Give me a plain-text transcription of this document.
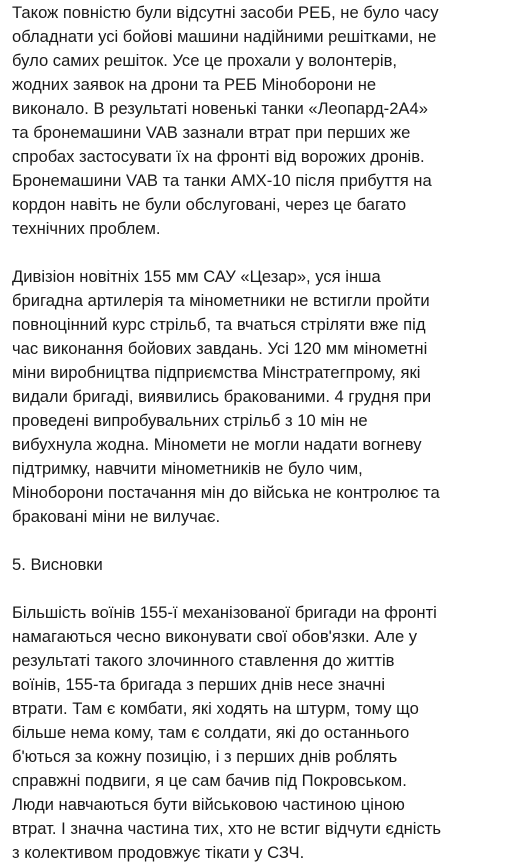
Також повністю були відсутні засоби РЕБ, не було часу
обладнати усі бойові машини надійними решітками, не
було самих решіток. Усе це прохали у волонтерів,
жодних заявок на дрони та РЕБ Міноборони не
виконало. В результаті новенькі танки «Леопард-2А4»
та бронемашини VAB зазнали втрат при перших же
спробах застосувати їх на фронті від ворожих дронів.
Бронемашини VAB та танки AMX-10 після прибуття на
кордон навіть не були обслуговані, через це багато
технічних проблем.
Дивізіон новітніх 155 мм САУ «Цезар», уся інша
бригадна артилерія та мінометники не встигли пройти
повноцінний курс стрільб, та вчаться стріляти вже під
час виконання бойових завдань. Усі 120 мм мінометні
міни виробництва підприємства Мінстратегпрому, які
видали бригаді, виявились бракованими. 4 грудня при
проведені випробувальних стрільб з 10 мін не
вибухнула жодна. Міномети не могли надати вогневу
підтримку, навчити мінометників не було чим,
Міноборони постачання мін до війська не контролює та
браковані міни не вилучає.
5. Висновки
Більшість воїнів 155-ї механізованої бригади на фронті
намагаються чесно виконувати свої обов'язки. Але у
результаті такого злочинного ставлення до життів
воїнів, 155-та бригада з перших днів несе значні
втрати. Там є комбати, які ходять на штурм, тому що
більше нема кому, там є солдати, які до останнього
б'ються за кожну позицію, і з перших днів роблять
справжні подвиги, я це сам бачив під Покровськом.
Люди навчаються бути військовою частиною ціною
втрат. І значна частина тих, хто не встиг відчути єдність
з колективом продовжує тікати у СЗЧ.
